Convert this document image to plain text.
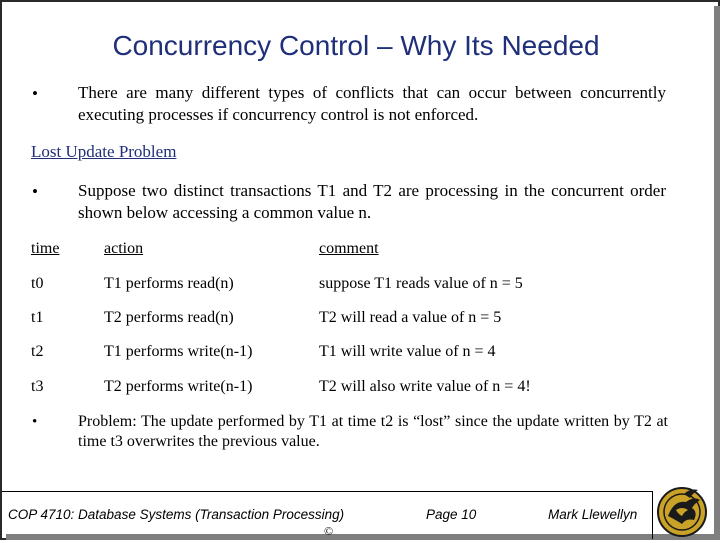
Concurrency Control – Why Its Needed
• There are many different types of conflicts that can occur between concurrently executing processes if concurrency control is not enforced.
Lost Update Problem
• Suppose two distinct transactions T1 and T2 are processing in the concurrent order shown below accessing a common value n.
time	action	comment
t0	T1 performs read(n)	suppose T1 reads value of n = 5
t1	T2 performs read(n)	T2 will read a value of n = 5
t2	T1 performs write(n-1)	T1 will write value of n = 4
t3	T2 performs write(n-1)	T2 will also write value of n = 4!
•	Problem: The update performed by T1 at time t2 is “lost” since the update written by T2 at time t3 overwrites the previous value.
COP 4710: Database Systems (Transaction Processing)	Page 10	Mark Llewellyn
©
